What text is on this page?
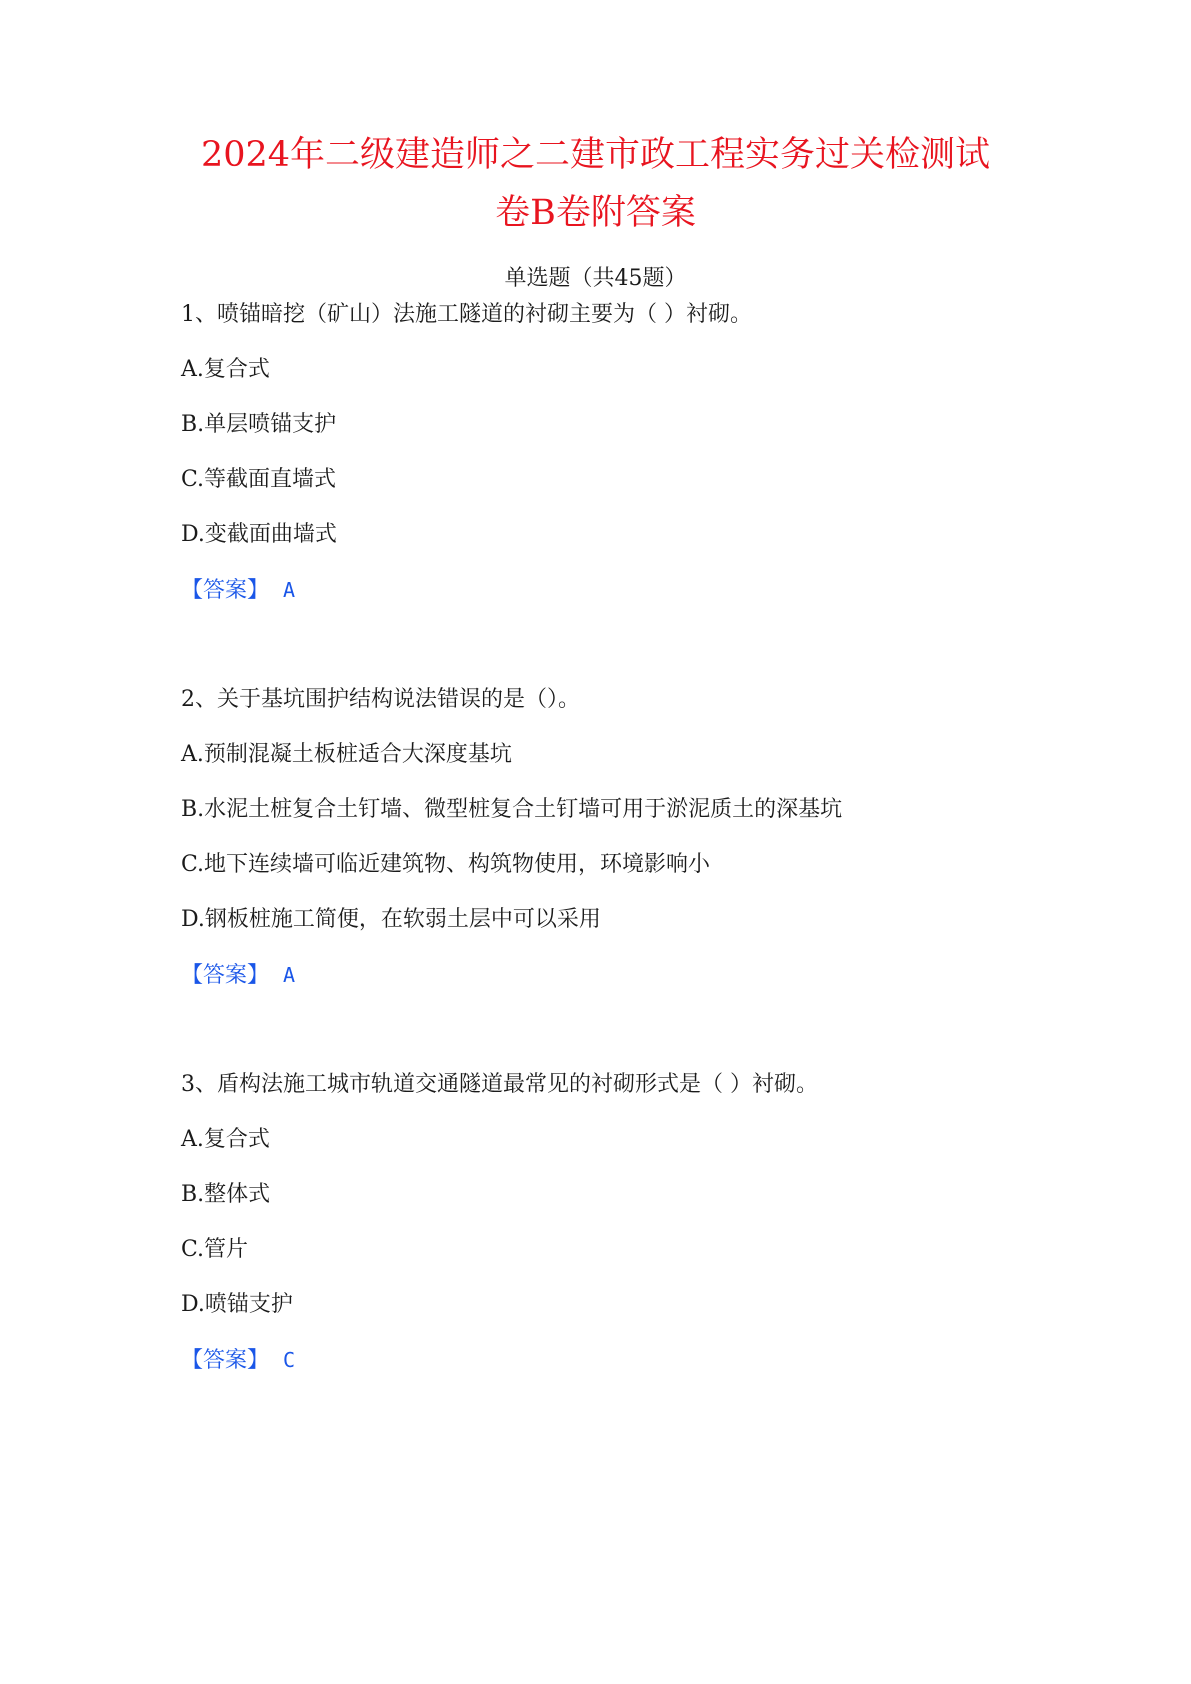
2024年二级建造师之二建市政工程实务过关检测试
卷B卷附答案
单选题（共45题）
1、喷锚暗挖（矿山）法施工隧道的衬砌主要为（ ）衬砌。
A.复合式
B.单层喷锚支护
C.等截面直墙式
D.变截面曲墙式
【答案】 A
2、关于基坑围护结构说法错误的是（）。
A.预制混凝土板桩适合大深度基坑
B.水泥土桩复合土钉墙、微型桩复合土钉墙可用于淤泥质土的深基坑
C.地下连续墙可临近建筑物、构筑物使用，环境影响小
D.钢板桩施工简便，在软弱土层中可以采用
【答案】 A
3、盾构法施工城市轨道交通隧道最常见的衬砌形式是（ ）衬砌。
A.复合式
B.整体式
C.管片
D.喷锚支护
【答案】 C
